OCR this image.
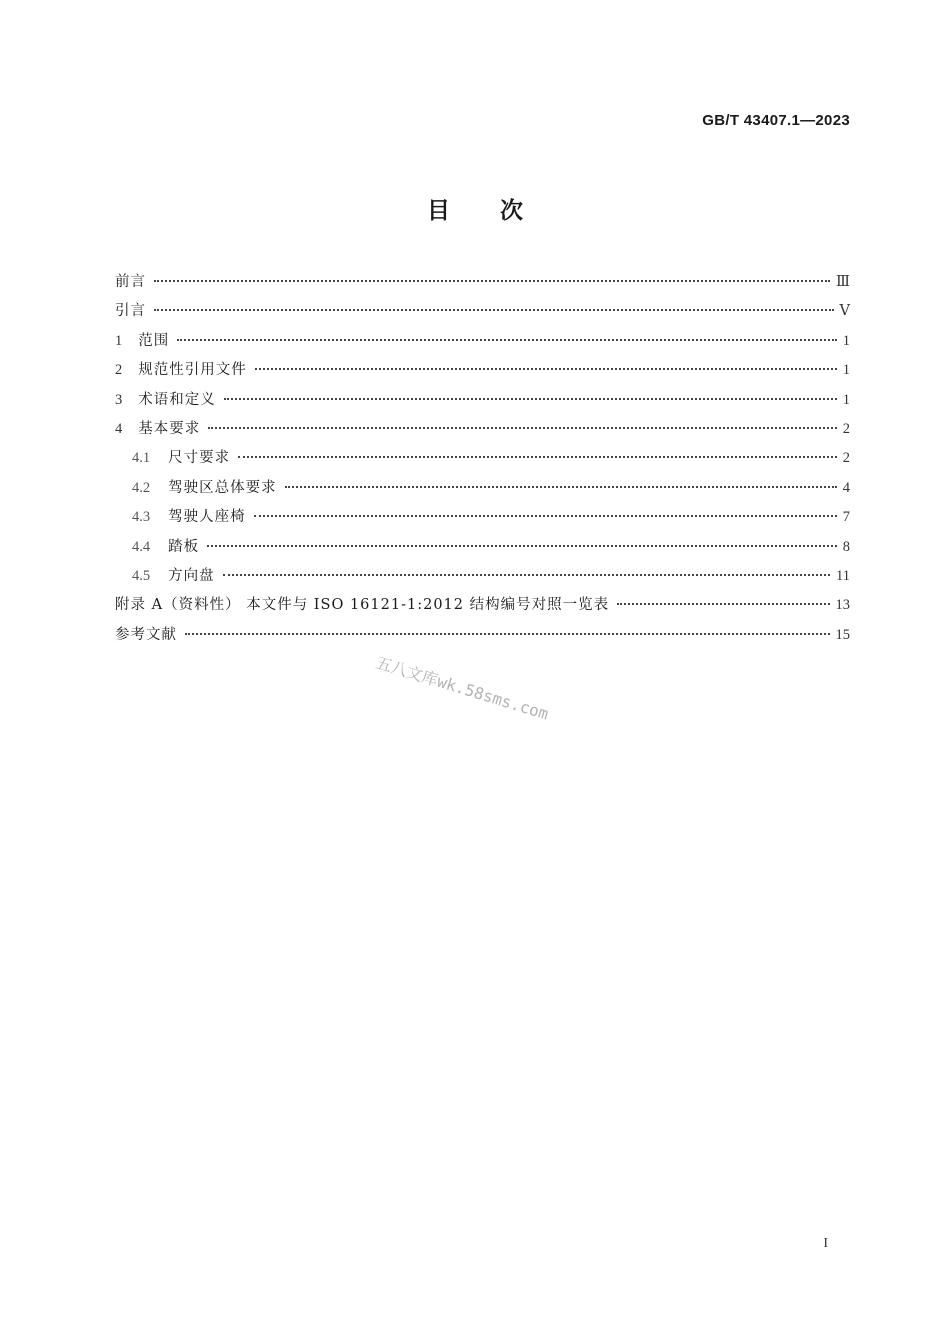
GB/T 43407.1—2023
目次
前言	Ⅲ
引言	Ⅴ
1 范围	1
2 规范性引用文件	1
3 术语和定义	1
4 基本要求	2
4.1 尺寸要求	2
4.2 驾驶区总体要求	4
4.3 驾驶人座椅	7
4.4 踏板	8
4.5 方向盘	11
附录 A（资料性） 本文件与 ISO 16121-1:2012 结构编号对照一览表	13
参考文献	15
五八文库wk.58sms.com
I
